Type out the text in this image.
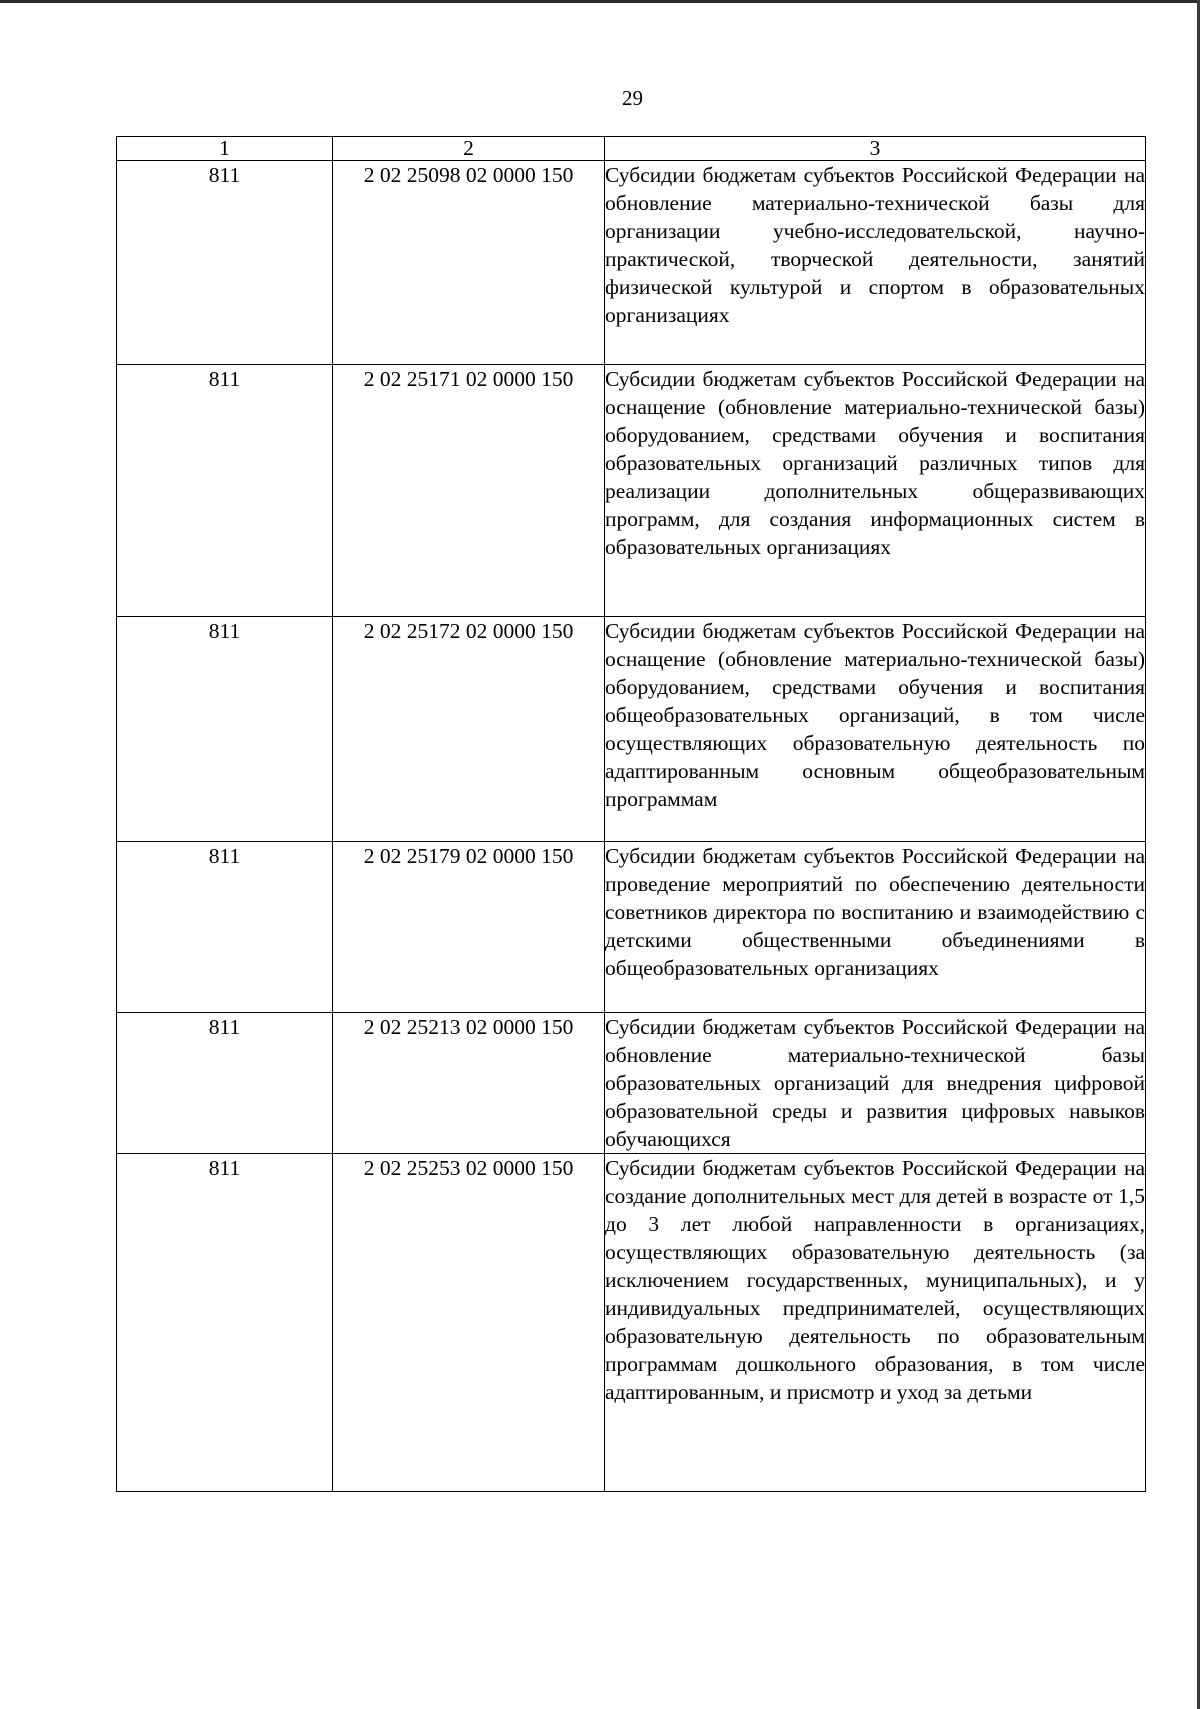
29
1	2	3
811	2 02 25098 02 0000 150	Субсидии бюджетам субъектов Российской Федерации на обновление материально-технической базы для организации учебно-исследовательской, научно-практической, творческой деятельности, занятий физической культурой и спортом в образовательных организациях
811	2 02 25171 02 0000 150	Субсидии бюджетам субъектов Российской Федерации на оснащение (обновление материально-технической базы) оборудованием, средствами обучения и воспитания образовательных организаций различных типов для реализации дополнительных общеразвивающих программ, для создания информационных систем в образовательных организациях
811	2 02 25172 02 0000 150	Субсидии бюджетам субъектов Российской Федерации на оснащение (обновление материально-технической базы) оборудованием, средствами обучения и воспитания общеобразовательных организаций, в том числе осуществляющих образовательную деятельность по адаптированным основным общеобразовательным программам
811	2 02 25179 02 0000 150	Субсидии бюджетам субъектов Российской Федерации на проведение мероприятий по обеспечению деятельности советников директора по воспитанию и взаимодействию с детскими общественными объединениями в общеобразовательных организациях
811	2 02 25213 02 0000 150	Субсидии бюджетам субъектов Российской Федерации на обновление материально-технической базы образовательных организаций для внедрения цифровой образовательной среды и развития цифровых навыков обучающихся
811	2 02 25253 02 0000 150	Субсидии бюджетам субъектов Российской Федерации на создание дополнительных мест для детей в возрасте от 1,5 до 3 лет любой направленности в организациях, осуществляющих образовательную деятельность (за исключением государственных, муниципальных), и у индивидуальных предпринимателей, осуществляющих образовательную деятельность по образовательным программам дошкольного образования, в том числе адаптированным, и присмотр и уход за детьми
